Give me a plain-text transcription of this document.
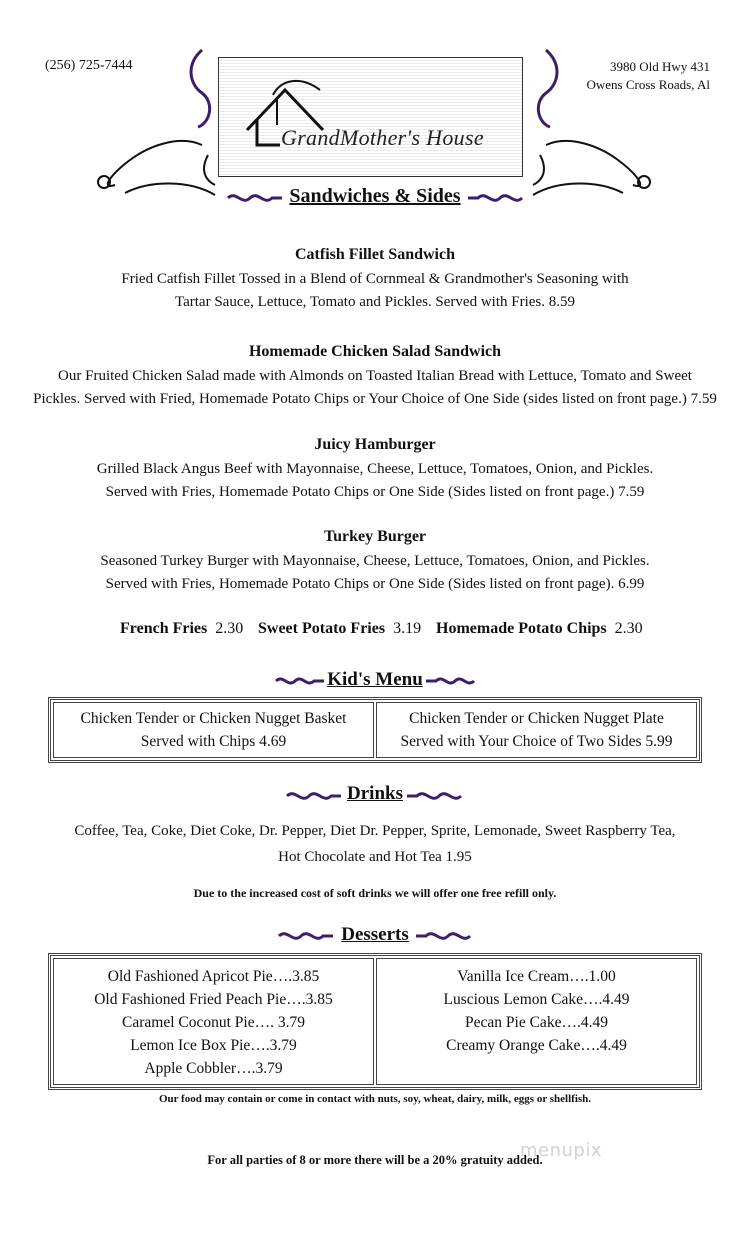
(256) 725-7444	3980 Old Hwy 431
Owens Cross Roads, Al
GrandMother's House
Sandwiches & Sides
Catfish Fillet Sandwich
Fried Catfish Fillet Tossed in a Blend of Cornmeal & Grandmother's Seasoning with
Tartar Sauce, Lettuce, Tomato and Pickles. Served with Fries. 8.59
Homemade Chicken Salad Sandwich
Our Fruited Chicken Salad made with Almonds on Toasted Italian Bread with Lettuce, Tomato and Sweet
Pickles. Served with Fried, Homemade Potato Chips or Your Choice of One Side (sides listed on front page.) 7.59
Juicy Hamburger
Grilled Black Angus Beef with Mayonnaise, Cheese, Lettuce, Tomatoes, Onion, and Pickles.
Served with Fries, Homemade Potato Chips or One Side (Sides listed on front page.) 7.59
Turkey Burger
Seasoned Turkey Burger with Mayonnaise, Cheese, Lettuce, Tomatoes, Onion, and Pickles.
Served with Fries, Homemade Potato Chips or One Side (Sides listed on front page). 6.99
French Fries 2.30 Sweet Potato Fries 3.19 Homemade Potato Chips 2.30
Kid's Menu
Chicken Tender or Chicken Nugget Basket
Served with Chips 4.69

Chicken Tender or Chicken Nugget Plate
Served with Your Choice of Two Sides 5.99
Drinks
Coffee, Tea, Coke, Diet Coke, Dr. Pepper, Diet Dr. Pepper, Sprite, Lemonade, Sweet Raspberry Tea,
Hot Chocolate and Hot Tea 1.95
Due to the increased cost of soft drinks we will offer one free refill only.
Desserts
Old Fashioned Apricot Pie….3.85
Old Fashioned Fried Peach Pie….3.85
Caramel Coconut Pie…. 3.79
Lemon Ice Box Pie….3.79
Apple Cobbler….3.79

Vanilla Ice Cream….1.00
Luscious Lemon Cake….4.49
Pecan Pie Cake….4.49
Creamy Orange Cake….4.49
Our food may contain or come in contact with nuts, soy, wheat, dairy, milk, eggs or shellfish.
For all parties of 8 or more there will be a 20% gratuity added.
menupix
